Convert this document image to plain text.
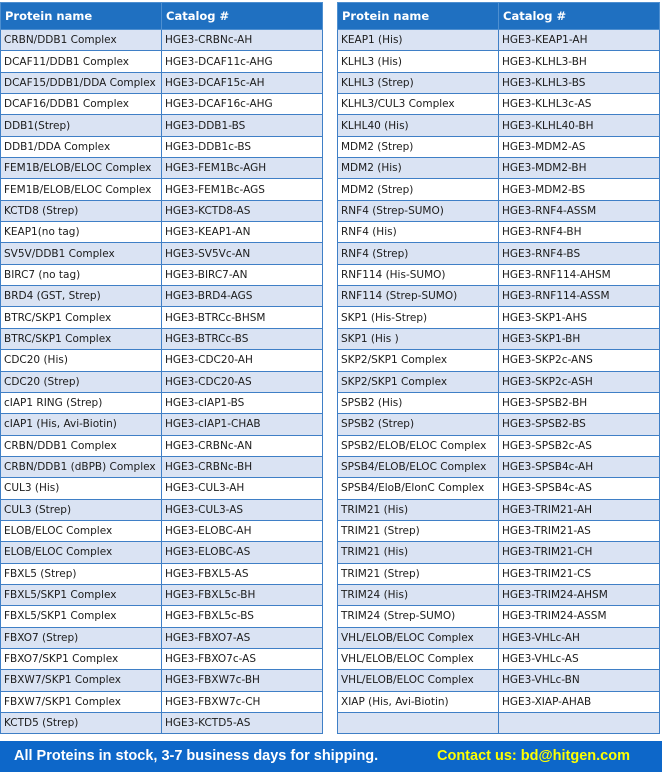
Protein name	Catalog #
CRBN/DDB1 Complex	HGE3-CRBNc-AH
DCAF11/DDB1 Complex	HGE3-DCAF11c-AHG
DCAF15/DDB1/DDA Complex	HGE3-DCAF15c-AH
DCAF16/DDB1 Complex	HGE3-DCAF16c-AHG
DDB1(Strep)	HGE3-DDB1-BS
DDB1/DDA Complex	HGE3-DDB1c-BS
FEM1B/ELOB/ELOC Complex	HGE3-FEM1Bc-AGH
FEM1B/ELOB/ELOC Complex	HGE3-FEM1Bc-AGS
KCTD8 (Strep)	HGE3-KCTD8-AS
KEAP1(no tag)	HGE3-KEAP1-AN
SV5V/DDB1 Complex	HGE3-SV5Vc-AN
BIRC7 (no tag)	HGE3-BIRC7-AN
BRD4 (GST, Strep)	HGE3-BRD4-AGS
BTRC/SKP1 Complex	HGE3-BTRCc-BHSM
BTRC/SKP1 Complex	HGE3-BTRCc-BS
CDC20 (His)	HGE3-CDC20-AH
CDC20 (Strep)	HGE3-CDC20-AS
cIAP1 RING (Strep)	HGE3-cIAP1-BS
cIAP1 (His, Avi-Biotin)	HGE3-cIAP1-CHAB
CRBN/DDB1 Complex	HGE3-CRBNc-AN
CRBN/DDB1 (dBPB) Complex	HGE3-CRBNc-BH
CUL3 (His)	HGE3-CUL3-AH
CUL3 (Strep)	HGE3-CUL3-AS
ELOB/ELOC Complex	HGE3-ELOBC-AH
ELOB/ELOC Complex	HGE3-ELOBC-AS
FBXL5 (Strep)	HGE3-FBXL5-AS
FBXL5/SKP1 Complex	HGE3-FBXL5c-BH
FBXL5/SKP1 Complex	HGE3-FBXL5c-BS
FBXO7 (Strep)	HGE3-FBXO7-AS
FBXO7/SKP1 Complex	HGE3-FBXO7c-AS
FBXW7/SKP1 Complex	HGE3-FBXW7c-BH
FBXW7/SKP1 Complex	HGE3-FBXW7c-CH
KCTD5 (Strep)	HGE3-KCTD5-AS
Protein name	Catalog #
KEAP1 (His)	HGE3-KEAP1-AH
KLHL3 (His)	HGE3-KLHL3-BH
KLHL3 (Strep)	HGE3-KLHL3-BS
KLHL3/CUL3 Complex	HGE3-KLHL3c-AS
KLHL40 (His)	HGE3-KLHL40-BH
MDM2 (Strep)	HGE3-MDM2-AS
MDM2 (His)	HGE3-MDM2-BH
MDM2 (Strep)	HGE3-MDM2-BS
RNF4 (Strep-SUMO)	HGE3-RNF4-ASSM
RNF4 (His)	HGE3-RNF4-BH
RNF4 (Strep)	HGE3-RNF4-BS
RNF114 (His-SUMO)	HGE3-RNF114-AHSM
RNF114 (Strep-SUMO)	HGE3-RNF114-ASSM
SKP1 (His-Strep)	HGE3-SKP1-AHS
SKP1 (His )	HGE3-SKP1-BH
SKP2/SKP1 Complex	HGE3-SKP2c-ANS
SKP2/SKP1 Complex	HGE3-SKP2c-ASH
SPSB2 (His)	HGE3-SPSB2-BH
SPSB2 (Strep)	HGE3-SPSB2-BS
SPSB2/ELOB/ELOC Complex	HGE3-SPSB2c-AS
SPSB4/ELOB/ELOC Complex	HGE3-SPSB4c-AH
SPSB4/EloB/ElonC Complex	HGE3-SPSB4c-AS
TRIM21 (His)	HGE3-TRIM21-AH
TRIM21 (Strep)	HGE3-TRIM21-AS
TRIM21 (His)	HGE3-TRIM21-CH
TRIM21 (Strep)	HGE3-TRIM21-CS
TRIM24 (His)	HGE3-TRIM24-AHSM
TRIM24 (Strep-SUMO)	HGE3-TRIM24-ASSM
VHL/ELOB/ELOC Complex	HGE3-VHLc-AH
VHL/ELOB/ELOC Complex	HGE3-VHLc-AS
VHL/ELOB/ELOC Complex	HGE3-VHLc-BN
XIAP (His, Avi-Biotin)	HGE3-XIAP-AHAB

All Proteins in stock, 3-7 business days for shipping.	Contact us: bd@hitgen.com
